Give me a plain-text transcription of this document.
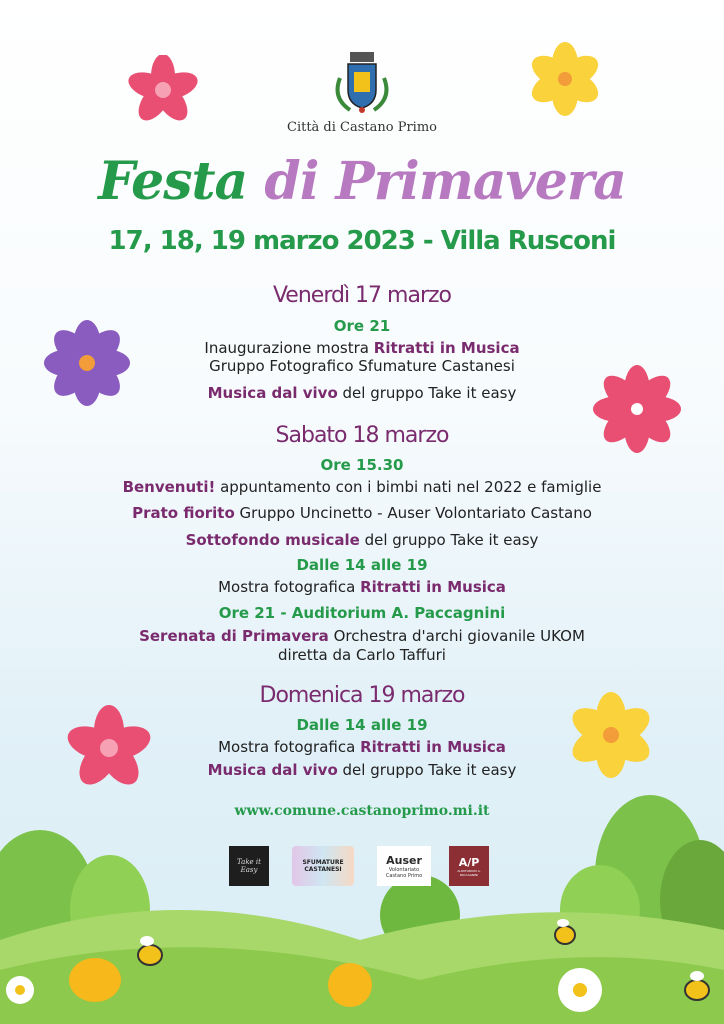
Città di Castano Primo
Festa di Primavera
17, 18, 19 marzo 2023 - Villa Rusconi
Venerdì 17 marzo
Ore 21
Inaugurazione mostra Ritratti in Musica
Gruppo Fotografico Sfumature Castanesi
Musica dal vivo del gruppo Take it easy
Sabato 18 marzo
Ore 15.30
Benvenuti! appuntamento con i bimbi nati nel 2022 e famiglie
Prato fiorito Gruppo Uncinetto - Auser Volontariato Castano
Sottofondo musicale del gruppo Take it easy
Dalle 14 alle 19
Mostra fotografica Ritratti in Musica
Ore 21 - Auditorium A. Paccagnini
Serenata di Primavera Orchestra d'archi giovanile UKOM
diretta da Carlo Taffuri
Domenica 19 marzo
Dalle 14 alle 19
Mostra fotografica Ritratti in Musica
Musica dal vivo del gruppo Take it easy
www.comune.castanoprimo.mi.it
Take it Easy
SFUMATURE CASTANESI
Auser
Volontariato
Castano Primo
A/P
AUDITORIUM A. PACCAGNINI
